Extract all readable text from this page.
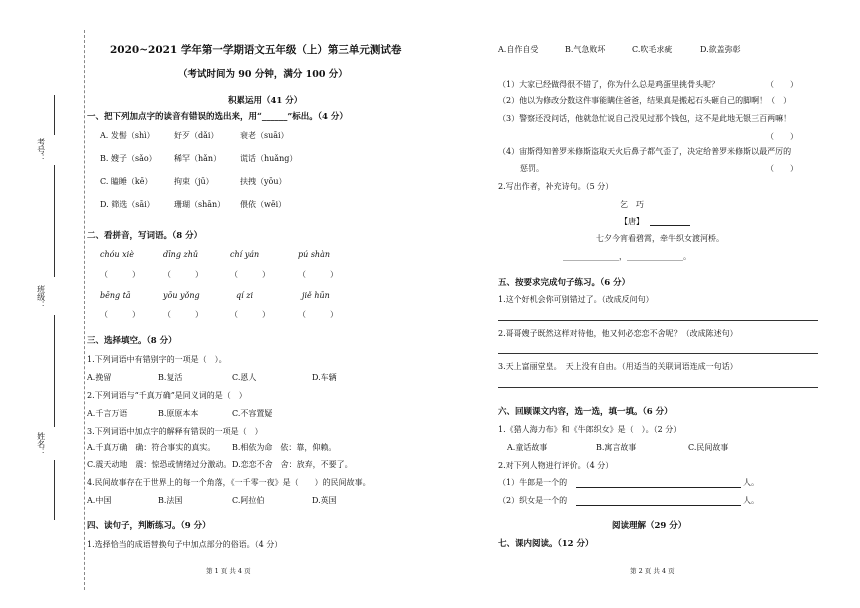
考号：
班级：
姓名：
2020~2021 学年第一学期语文五年级（上）第三单元测试卷
（考试时间为 90 分钟，满分 100 分）
积累运用（41 分）
一、把下列加点字的读音有错误的选出来，用“______”标出。（4 分）
A. 发髻（shì） 好歹（dǎi）	衰老（suāi）
B. 嫂子（sǎo） 稀罕（hǎn） 谎话（huǎng）
C. 瞌睡（kē）	拘束（jū）	扶拽（yōu）
D. 筛选（sāi） 珊瑚（shān） 偎依（wēi）
二、看拼音，写词语。（8 分）
chóu xiè	dīng zhǔ	chí yán	pú shàn
（　　　）	（　　　）	（　　　）	（　　　）
bēng tā	yōu yǒng	qí zi	jiě hūn
（　　　）	（　　　）	（　　　）	（　　　）
三、选择填空。（8 分）
1.下列词语中有错别字的一项是（　）。
A.挽留	B.复活	C.恩人	D.车辆
2.下列词语与“千真万确”是同义词的是（　）
A.千言万语	B.原原本本	C.不容置疑
3.下列词语中加点字的解释有错误的一项是（　）
A.千真万确　确：符合事实的真实。 B.相依为命　依：靠，仰赖。
C.震天动地　震：惊恐或情绪过分激动。 D.恋恋不舍　舍：放弃，不要了。
4.民间故事存在于世界上的每一个角落，《一千零一夜》是（　　）的民间故事。
A.中国	B.法国	C.阿拉伯	D.英国
四、读句子，判断练习。（9 分）
1.选择恰当的成语替换句子中加点部分的俗语。（4 分）
第 1 页 共 4 页
A.自作自受	B.气急败坏	C.吹毛求疵	D.欲盖弥彰
（1）大家已经做得很不错了，你为什么总是鸡蛋里挑骨头呢？	（　　）
（2）他以为修改分数这件事能瞒住爸爸，结果真是搬起石头砸自己的脚啊！（　）
（3）警察还没问话，他就急忙说自己没见过那个钱包，这不是此地无银三百两嘛！
（　　）
（4）宙斯得知普罗米修斯盗取天火后鼻子都气歪了，决定给普罗米修斯以最严厉的
惩罚。	（　　）
2.写出作者，补充诗句。（5 分）
乞　巧
【唐】
七夕今宵看碧霄，牵牛织女渡河桥。
______________，______________。
五、按要求完成句子练习。（6 分）
1.这个好机会你可别错过了。（改成反问句）
2.哥哥嫂子既然这样对待他，他又何必恋恋不舍呢？（改成陈述句）
3.天上富丽堂皇。　天上没有自由。（用适当的关联词语连成一句话）
六、回顾课文内容，选一选，填一填。（6 分）
1.《猎人海力布》和《牛郎织女》是（　）。（2 分）
A.童话故事	B.寓言故事	C.民间故事
2.对下列人物进行评价。（4 分）
（1）牛郎是一个的	人。
（2）织女是一个的	人。
阅读理解（29 分）
七、课内阅读。（12 分）
第 2 页 共 4 页
